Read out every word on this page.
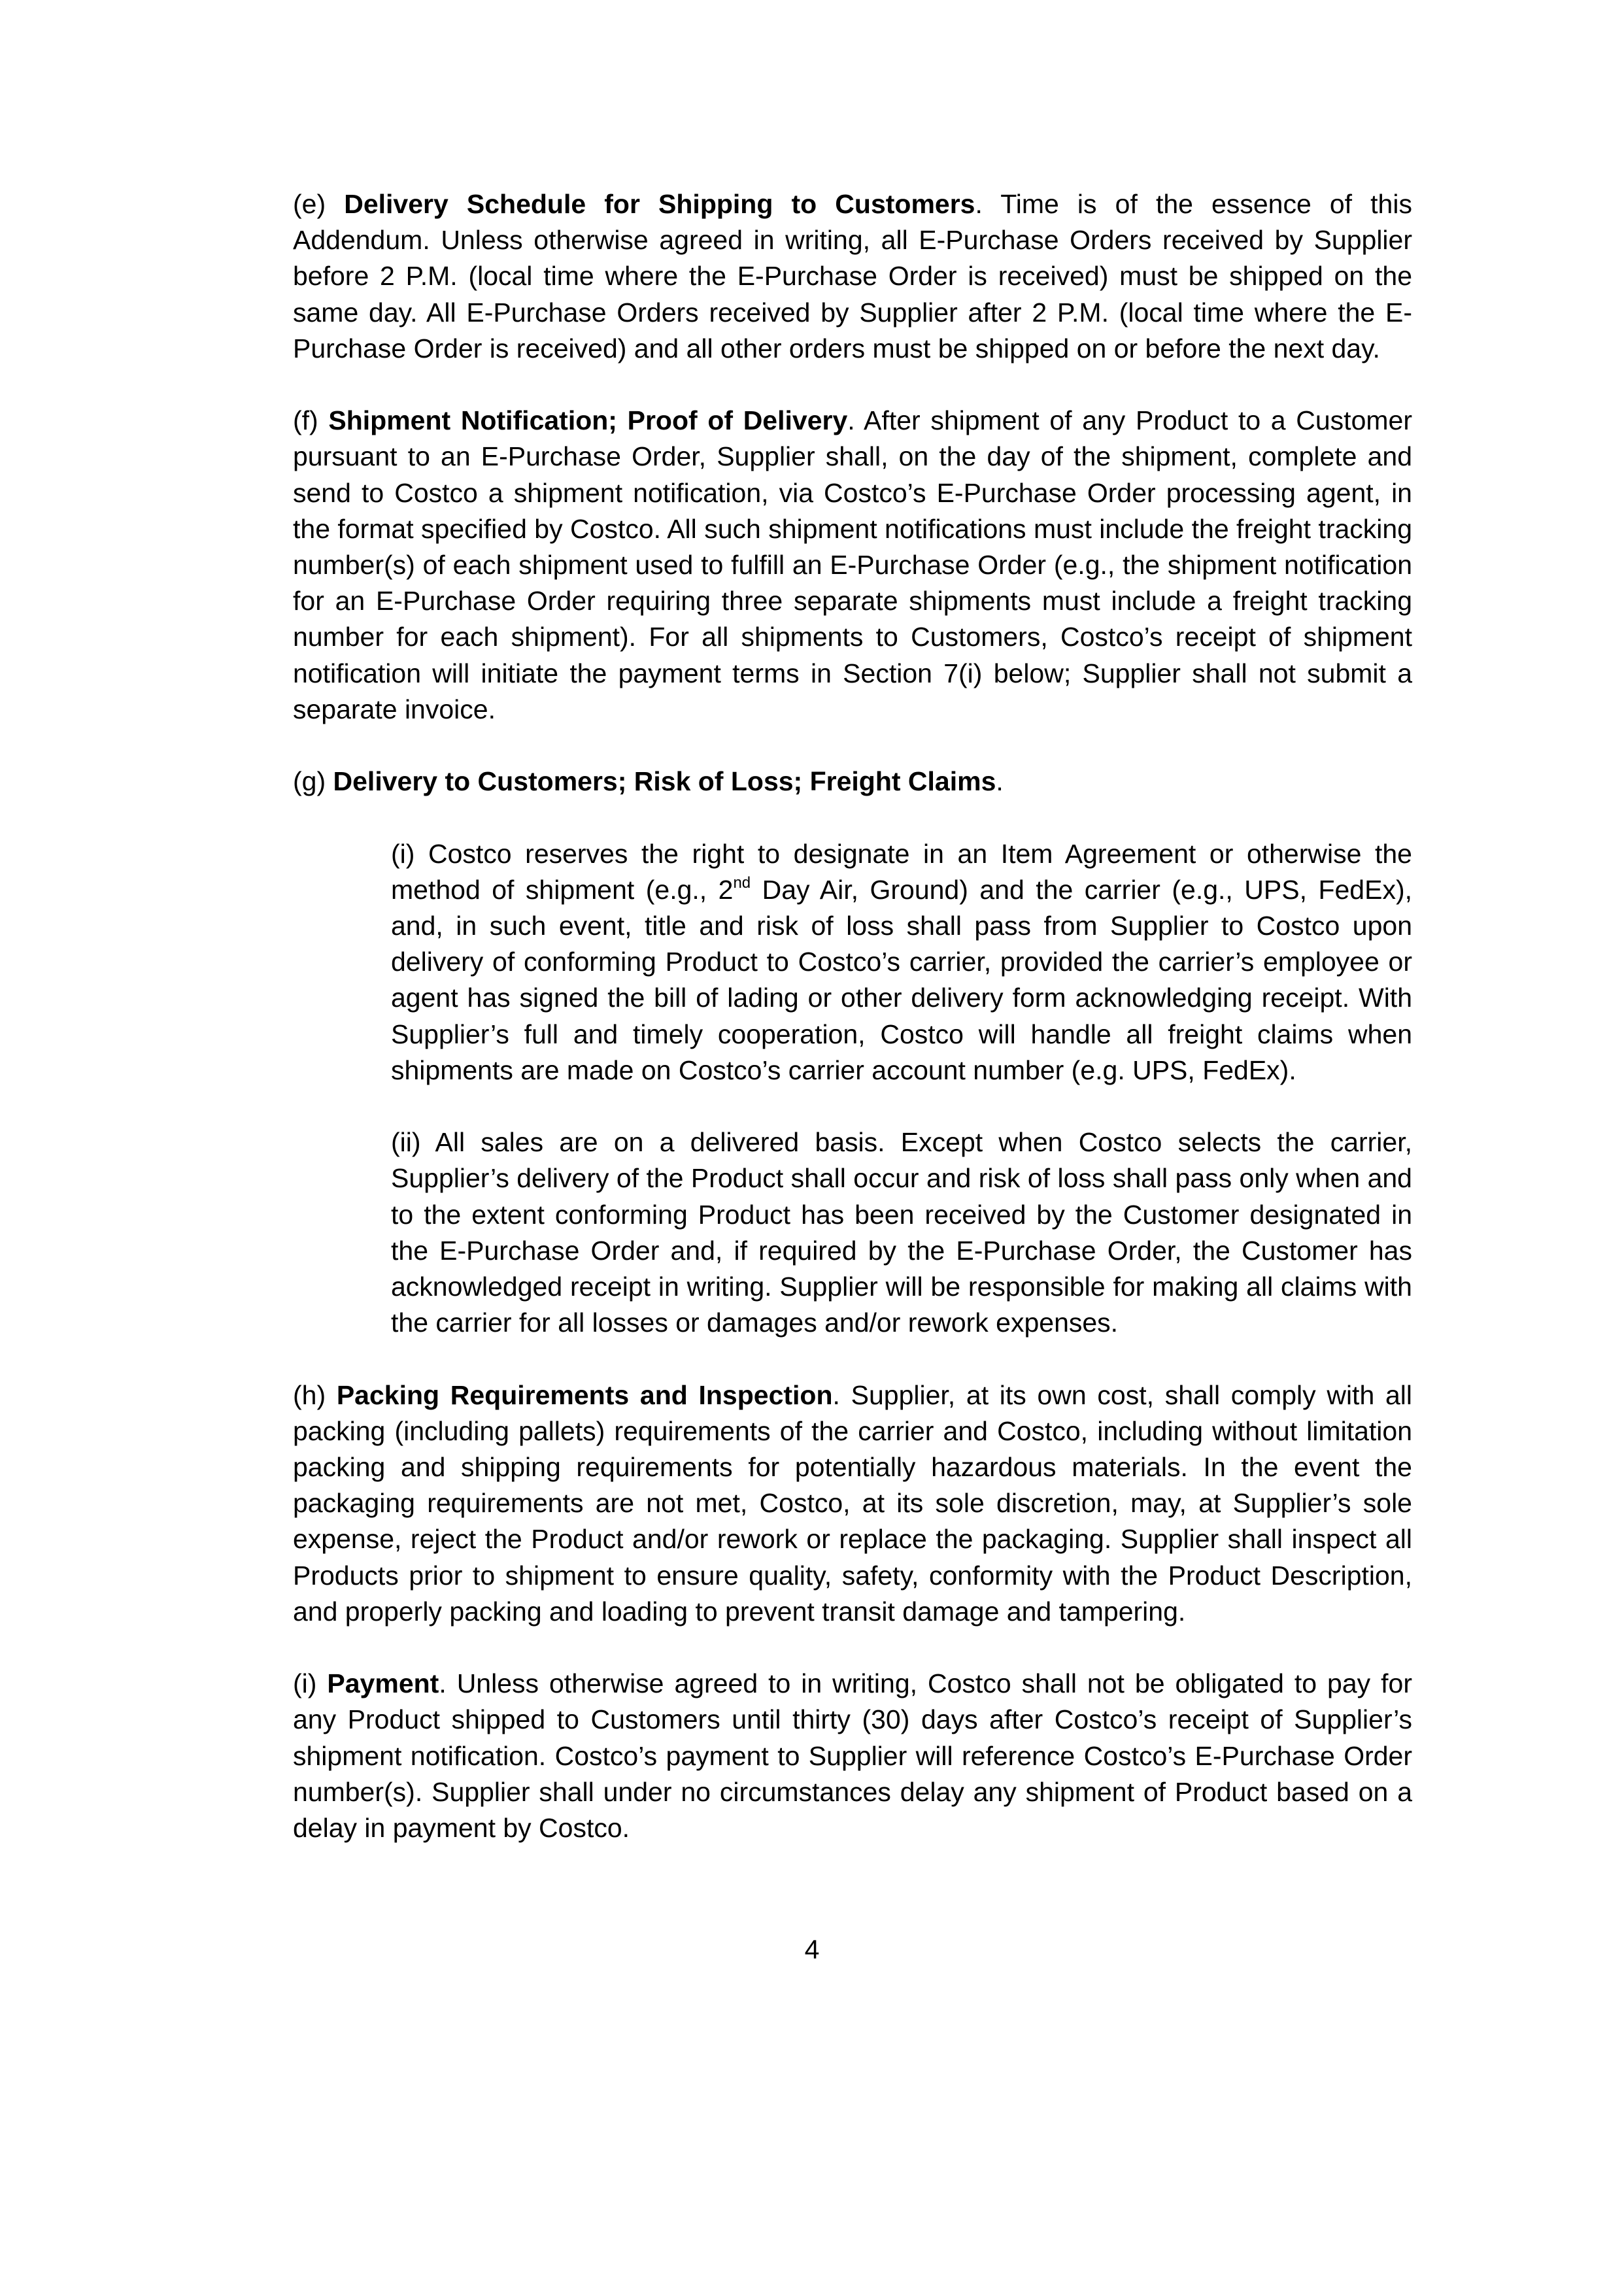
(e) Delivery Schedule for Shipping to Customers. Time is of the essence of this Addendum. Unless otherwise agreed in writing, all E-Purchase Orders received by Supplier before 2 P.M. (local time where the E-Purchase Order is received) must be shipped on the same day. All E-Purchase Orders received by Supplier after 2 P.M. (local time where the E-Purchase Order is received) and all other orders must be shipped on or before the next day.

(f) Shipment Notification; Proof of Delivery. After shipment of any Product to a Customer pursuant to an E-Purchase Order, Supplier shall, on the day of the shipment, complete and send to Costco a shipment notification, via Costco’s E-Purchase Order processing agent, in the format specified by Costco. All such shipment notifications must include the freight tracking number(s) of each shipment used to fulfill an E-Purchase Order (e.g., the shipment notification for an E-Purchase Order requiring three separate shipments must include a freight tracking number for each shipment). For all shipments to Customers, Costco’s receipt of shipment notification will initiate the payment terms in Section 7(i) below; Supplier shall not submit a separate invoice.

(g) Delivery to Customers; Risk of Loss; Freight Claims.

(i) Costco reserves the right to designate in an Item Agreement or otherwise the method of shipment (e.g., 2nd Day Air, Ground) and the carrier (e.g., UPS, FedEx), and, in such event, title and risk of loss shall pass from Supplier to Costco upon delivery of conforming Product to Costco’s carrier, provided the carrier’s employee or agent has signed the bill of lading or other delivery form acknowledging receipt. With Supplier’s full and timely cooperation, Costco will handle all freight claims when shipments are made on Costco’s carrier account number (e.g. UPS, FedEx).

(ii) All sales are on a delivered basis. Except when Costco selects the carrier, Supplier’s delivery of the Product shall occur and risk of loss shall pass only when and to the extent conforming Product has been received by the Customer designated in the E-Purchase Order and, if required by the E-Purchase Order, the Customer has acknowledged receipt in writing. Supplier will be responsible for making all claims with the carrier for all losses or damages and/or rework expenses.

(h) Packing Requirements and Inspection. Supplier, at its own cost, shall comply with all packing (including pallets) requirements of the carrier and Costco, including without limitation packing and shipping requirements for potentially hazardous materials. In the event the packaging requirements are not met, Costco, at its sole discretion, may, at Supplier’s sole expense, reject the Product and/or rework or replace the packaging. Supplier shall inspect all Products prior to shipment to ensure quality, safety, conformity with the Product Description, and properly packing and loading to prevent transit damage and tampering.

(i) Payment. Unless otherwise agreed to in writing, Costco shall not be obligated to pay for any Product shipped to Customers until thirty (30) days after Costco’s receipt of Supplier’s shipment notification. Costco’s payment to Supplier will reference Costco’s E-Purchase Order number(s). Supplier shall under no circumstances delay any shipment of Product based on a delay in payment by Costco.

4
